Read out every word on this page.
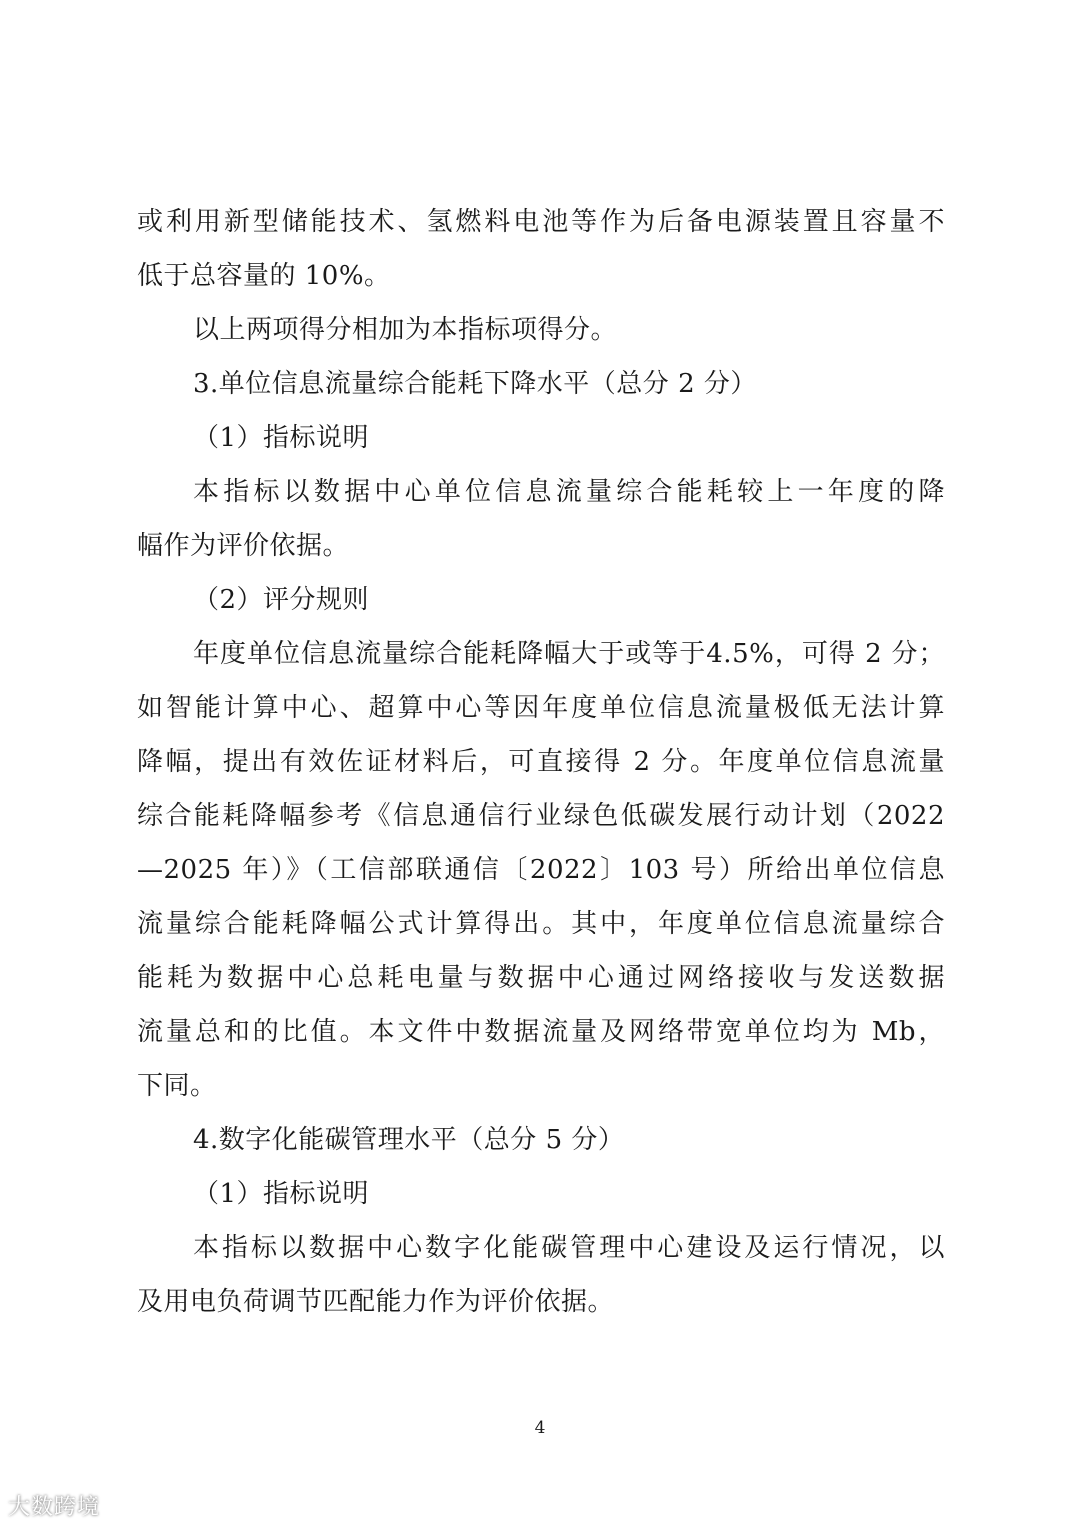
或利用新型储能技术、氢燃料电池等作为后备电源装置且容量不
低于总容量的 10%。
以上两项得分相加为本指标项得分。
3.单位信息流量综合能耗下降水平（总分 2 分）
（1）指标说明
本指标以数据中心单位信息流量综合能耗较上一年度的降
幅作为评价依据。
（2）评分规则
年度单位信息流量综合能耗降幅大于或等于4.5%，可得 2 分；
如智能计算中心、超算中心等因年度单位信息流量极低无法计算
降幅，提出有效佐证材料后，可直接得 2 分。年度单位信息流量
综合能耗降幅参考《信息通信行业绿色低碳发展行动计划（2022
—2025 年）》（工信部联通信〔2022〕103 号）所给出单位信息
流量综合能耗降幅公式计算得出。其中，年度单位信息流量综合
能耗为数据中心总耗电量与数据中心通过网络接收与发送数据
流量总和的比值。本文件中数据流量及网络带宽单位均为 Mb，
下同。
4.数字化能碳管理水平（总分 5 分）
（1）指标说明
本指标以数据中心数字化能碳管理中心建设及运行情况，以
及用电负荷调节匹配能力作为评价依据。
4
大数跨境
